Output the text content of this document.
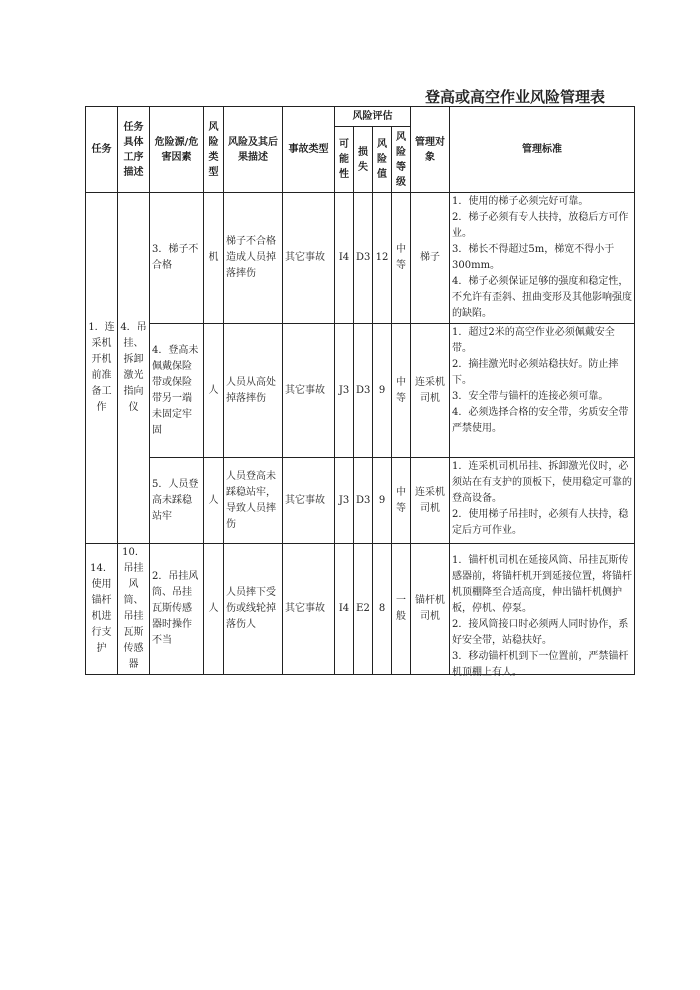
登高或高空作业风险管理表
任务	任务具体工序描述	危险源/危害因素	风险类型	风险及其后果描述	事故类型	风险评估				管理对象	管理标准
						可能性	损失	风险值	风险等级		
1．连采机开机前准备工作	4．吊挂、拆卸激光指向仪	3．梯子不合格	机	梯子不合格造成人员掉落摔伤	其它事故	I4	D3	12	中等	梯子	1．使用的梯子必须完好可靠。

2．梯子必须有专人扶持，放稳后方可作业。

3．梯长不得超过5m，梯宽不得小于300mm。

4．梯子必须保证足够的强度和稳定性，不允许有歪斜、扭曲变形及其他影响强度的缺陷。

		4．登高未佩戴保险带或保险带另一端未固定牢固	人	人员从高处掉落摔伤	其它事故	J3	D3	9	中等	连采机司机	1．超过2米的高空作业必须佩戴安全带。

2．摘挂激光时必须站稳扶好。防止摔下。

3．安全带与锚杆的连接必须可靠。

4．必须选择合格的安全带，劣质安全带严禁使用。

		5．人员登高未踩稳站牢	人	人员登高未踩稳站牢，导致人员摔伤	其它事故	J3	D3	9	中等	连采机司机	1．连采机司机吊挂、拆卸激光仪时，必须站在有支护的顶板下，使用稳定可靠的登高设备。

2．使用梯子吊挂时，必须有人扶持，稳定后方可作业。

14．使用锚杆机进行支护	10．吊挂风筒、吊挂瓦斯传感器	2．吊挂风筒、吊挂瓦斯传感器时操作不当	人	人员摔下受伤或线轮掉落伤人	其它事故	I4	E2	8	一般	锚杆机司机	1．锚杆机司机在延接风筒、吊挂瓦斯传感器前，将锚杆机开到延接位置，将锚杆机顶棚降至合适高度，伸出锚杆机侧护板，停机、停泵。

2．接风筒接口时必须两人同时协作，系好安全带，站稳扶好。

3．移动锚杆机到下一位置前，严禁锚杆机顶棚上有人。
